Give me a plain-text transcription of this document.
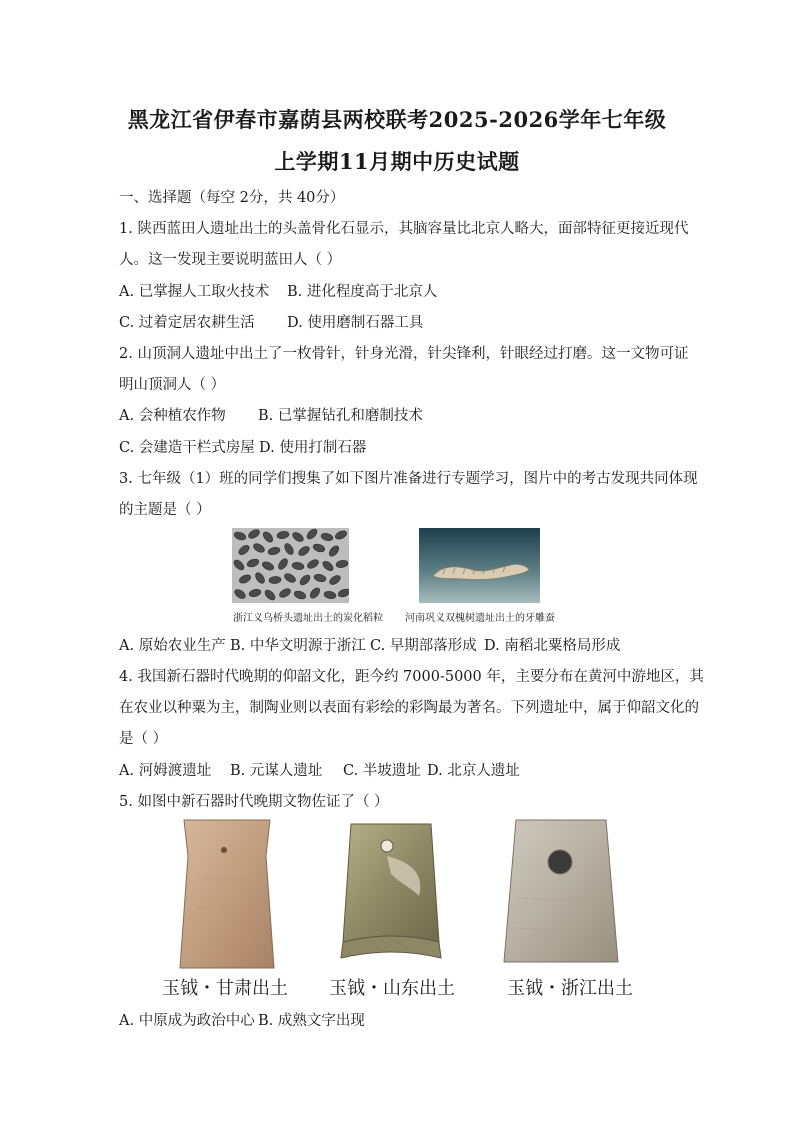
黑龙江省伊春市嘉荫县两校联考2025-2026学年七年级
上学期11月期中历史试题
一、选择题（每空 2分，共 40分）
1. 陕西蓝田人遗址出土的头盖骨化石显示，其脑容量比北京人略大，面部特征更接近现代
人。这一发现主要说明蓝田人（ ）
A. 已掌握人工取火技术 B. 进化程度高于北京人
C. 过着定居农耕生活 D. 使用磨制石器工具
2. 山顶洞人遗址中出土了一枚骨针，针身光滑，针尖锋利，针眼经过打磨。这一文物可证
明山顶洞人（ ）
A. 会种植农作物 B. 已掌握钻孔和磨制技术
C. 会建造干栏式房屋 D. 使用打制石器
3. 七年级（1）班的同学们搜集了如下图片准备进行专题学习，图片中的考古发现共同体现
的主题是（ ）
浙江义乌桥头遗址出土的炭化稻粒 河南巩义双槐树遗址出土的牙雕蚕
A. 原始农业生产 B. 中华文明源于浙江 C. 早期部落形成 D. 南稻北粟格局形成
4. 我国新石器时代晚期的仰韶文化，距今约 7000-5000 年，主要分布在黄河中游地区，其
在农业以种粟为主，制陶业则以表面有彩绘的彩陶最为著名。下列遗址中，属于仰韶文化的
是（ ）
A. 河姆渡遗址 B. 元谋人遗址 C. 半坡遗址 D. 北京人遗址
5. 如图中新石器时代晚期文物佐证了（ ）
玉钺・甘肃出土	玉钺・山东出土	玉钺・浙江出土
A. 中原成为政治中心 B. 成熟文字出现
